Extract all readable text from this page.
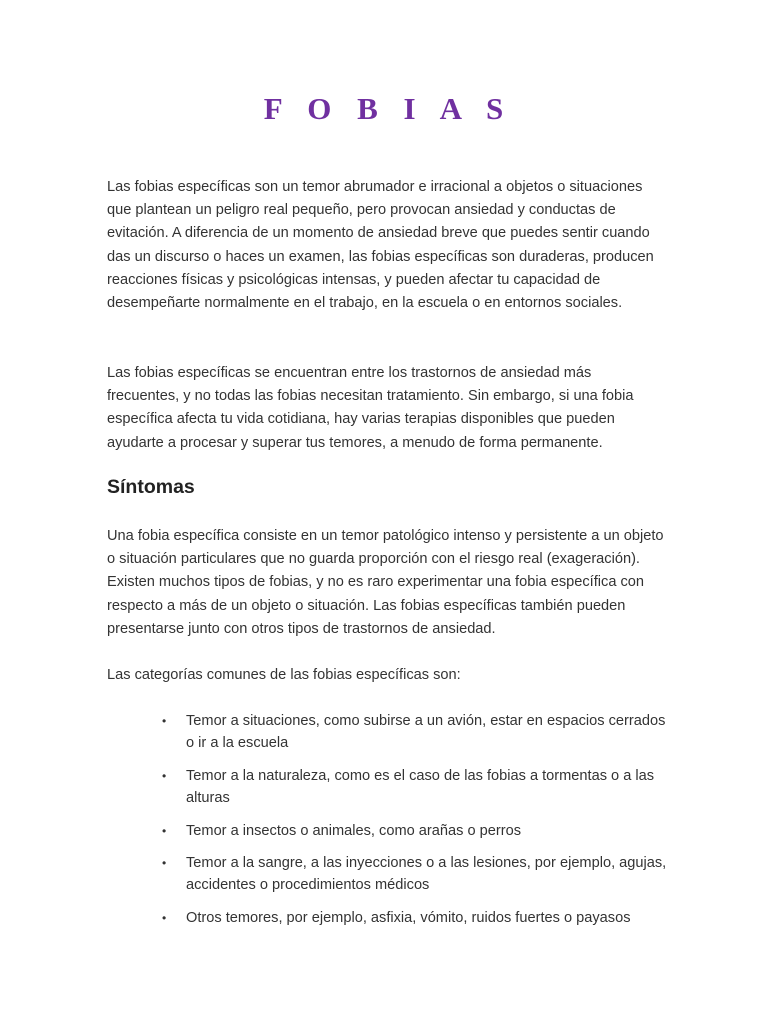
F O B I A S

Las fobias específicas son un temor abrumador e irracional a objetos o situaciones que plantean un peligro real pequeño, pero provocan ansiedad y conductas de evitación. A diferencia de un momento de ansiedad breve que puedes sentir cuando das un discurso o haces un examen, las fobias específicas son duraderas, producen reacciones físicas y psicológicas intensas, y pueden afectar tu capacidad de desempeñarte normalmente en el trabajo, en la escuela o en entornos sociales.

Las fobias específicas se encuentran entre los trastornos de ansiedad más frecuentes, y no todas las fobias necesitan tratamiento. Sin embargo, si una fobia específica afecta tu vida cotidiana, hay varias terapias disponibles que pueden ayudarte a procesar y superar tus temores, a menudo de forma permanente.

Síntomas

Una fobia específica consiste en un temor patológico intenso y persistente a un objeto o situación particulares que no guarda proporción con el riesgo real (exageración). Existen muchos tipos de fobias, y no es raro experimentar una fobia específica con respecto a más de un objeto o situación. Las fobias específicas también pueden presentarse junto con otros tipos de trastornos de ansiedad.

Las categorías comunes de las fobias específicas son:

• Temor a situaciones, como subirse a un avión, estar en espacios cerrados o ir a la escuela
• Temor a la naturaleza, como es el caso de las fobias a tormentas o a las alturas
• Temor a insectos o animales, como arañas o perros
• Temor a la sangre, a las inyecciones o a las lesiones, por ejemplo, agujas, accidentes o procedimientos médicos
• Otros temores, por ejemplo, asfixia, vómito, ruidos fuertes o payasos
